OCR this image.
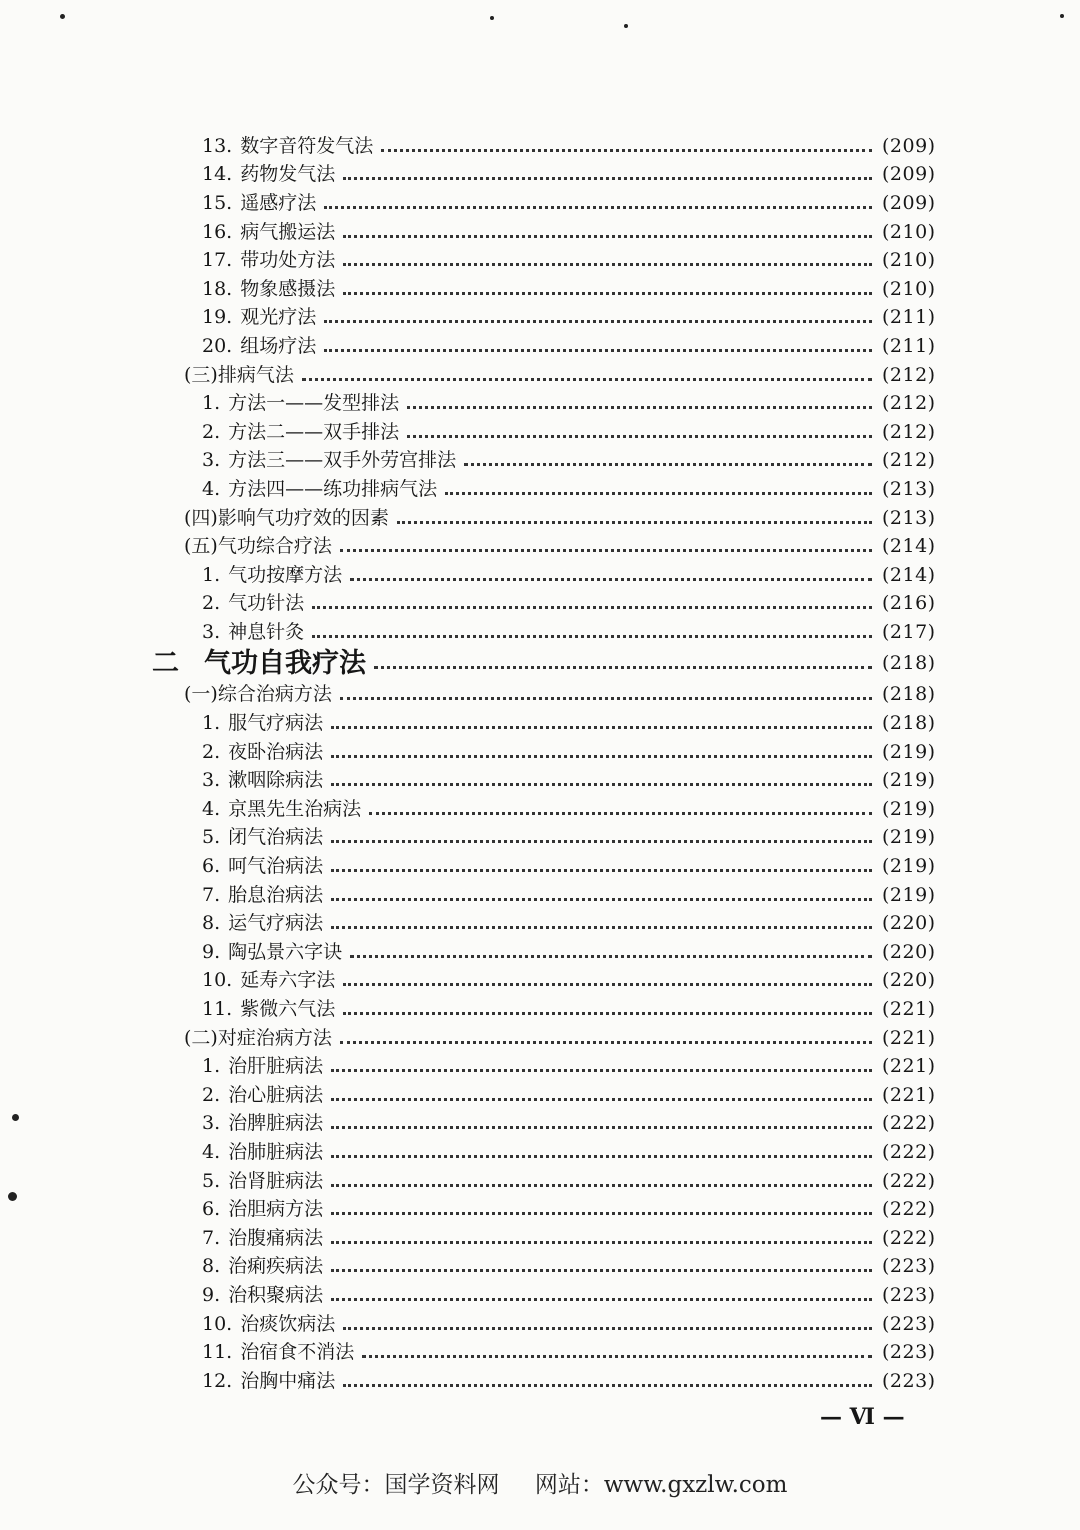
13. 数字音符发气法	(209)
14. 药物发气法	(209)
15. 遥感疗法	(209)
16. 病气搬运法	(210)
17. 带功处方法	(210)
18. 物象感摄法	(210)
19. 观光疗法	(211)
20. 组场疗法	(211)
(三) 排病气法	(212)
1. 方法一——发型排法	(212)
2. 方法二——双手排法	(212)
3. 方法三——双手外劳宫排法	(212)
4. 方法四——练功排病气法	(213)
(四) 影响气功疗效的因素	(213)
(五) 气功综合疗法	(214)
1. 气功按摩方法	(214)
2. 气功针法	(216)
3. 神息针灸	(217)
二 气功自我疗法	(218)
(一) 综合治病方法	(218)
1. 服气疗病法	(218)
2. 夜卧治病法	(219)
3. 漱咽除病法	(219)
4. 京黑先生治病法	(219)
5. 闭气治病法	(219)
6. 呵气治病法	(219)
7. 胎息治病法	(219)
8. 运气疗病法	(220)
9. 陶弘景六字诀	(220)
10. 延寿六字法	(220)
11. 紫微六气法	(221)
(二) 对症治病方法	(221)
1. 治肝脏病法	(221)
2. 治心脏病法	(221)
3. 治脾脏病法	(222)
4. 治肺脏病法	(222)
5. 治肾脏病法	(222)
6. 治胆病方法	(222)
7. 治腹痛病法	(222)
8. 治痢疾病法	(223)
9. 治积聚病法	(223)
10. 治痰饮病法	(223)
11. 治宿食不消法	(223)
12. 治胸中痛法	(223)
— Ⅵ —
公众号：国学资料网 网站：www.gxzlw.com
